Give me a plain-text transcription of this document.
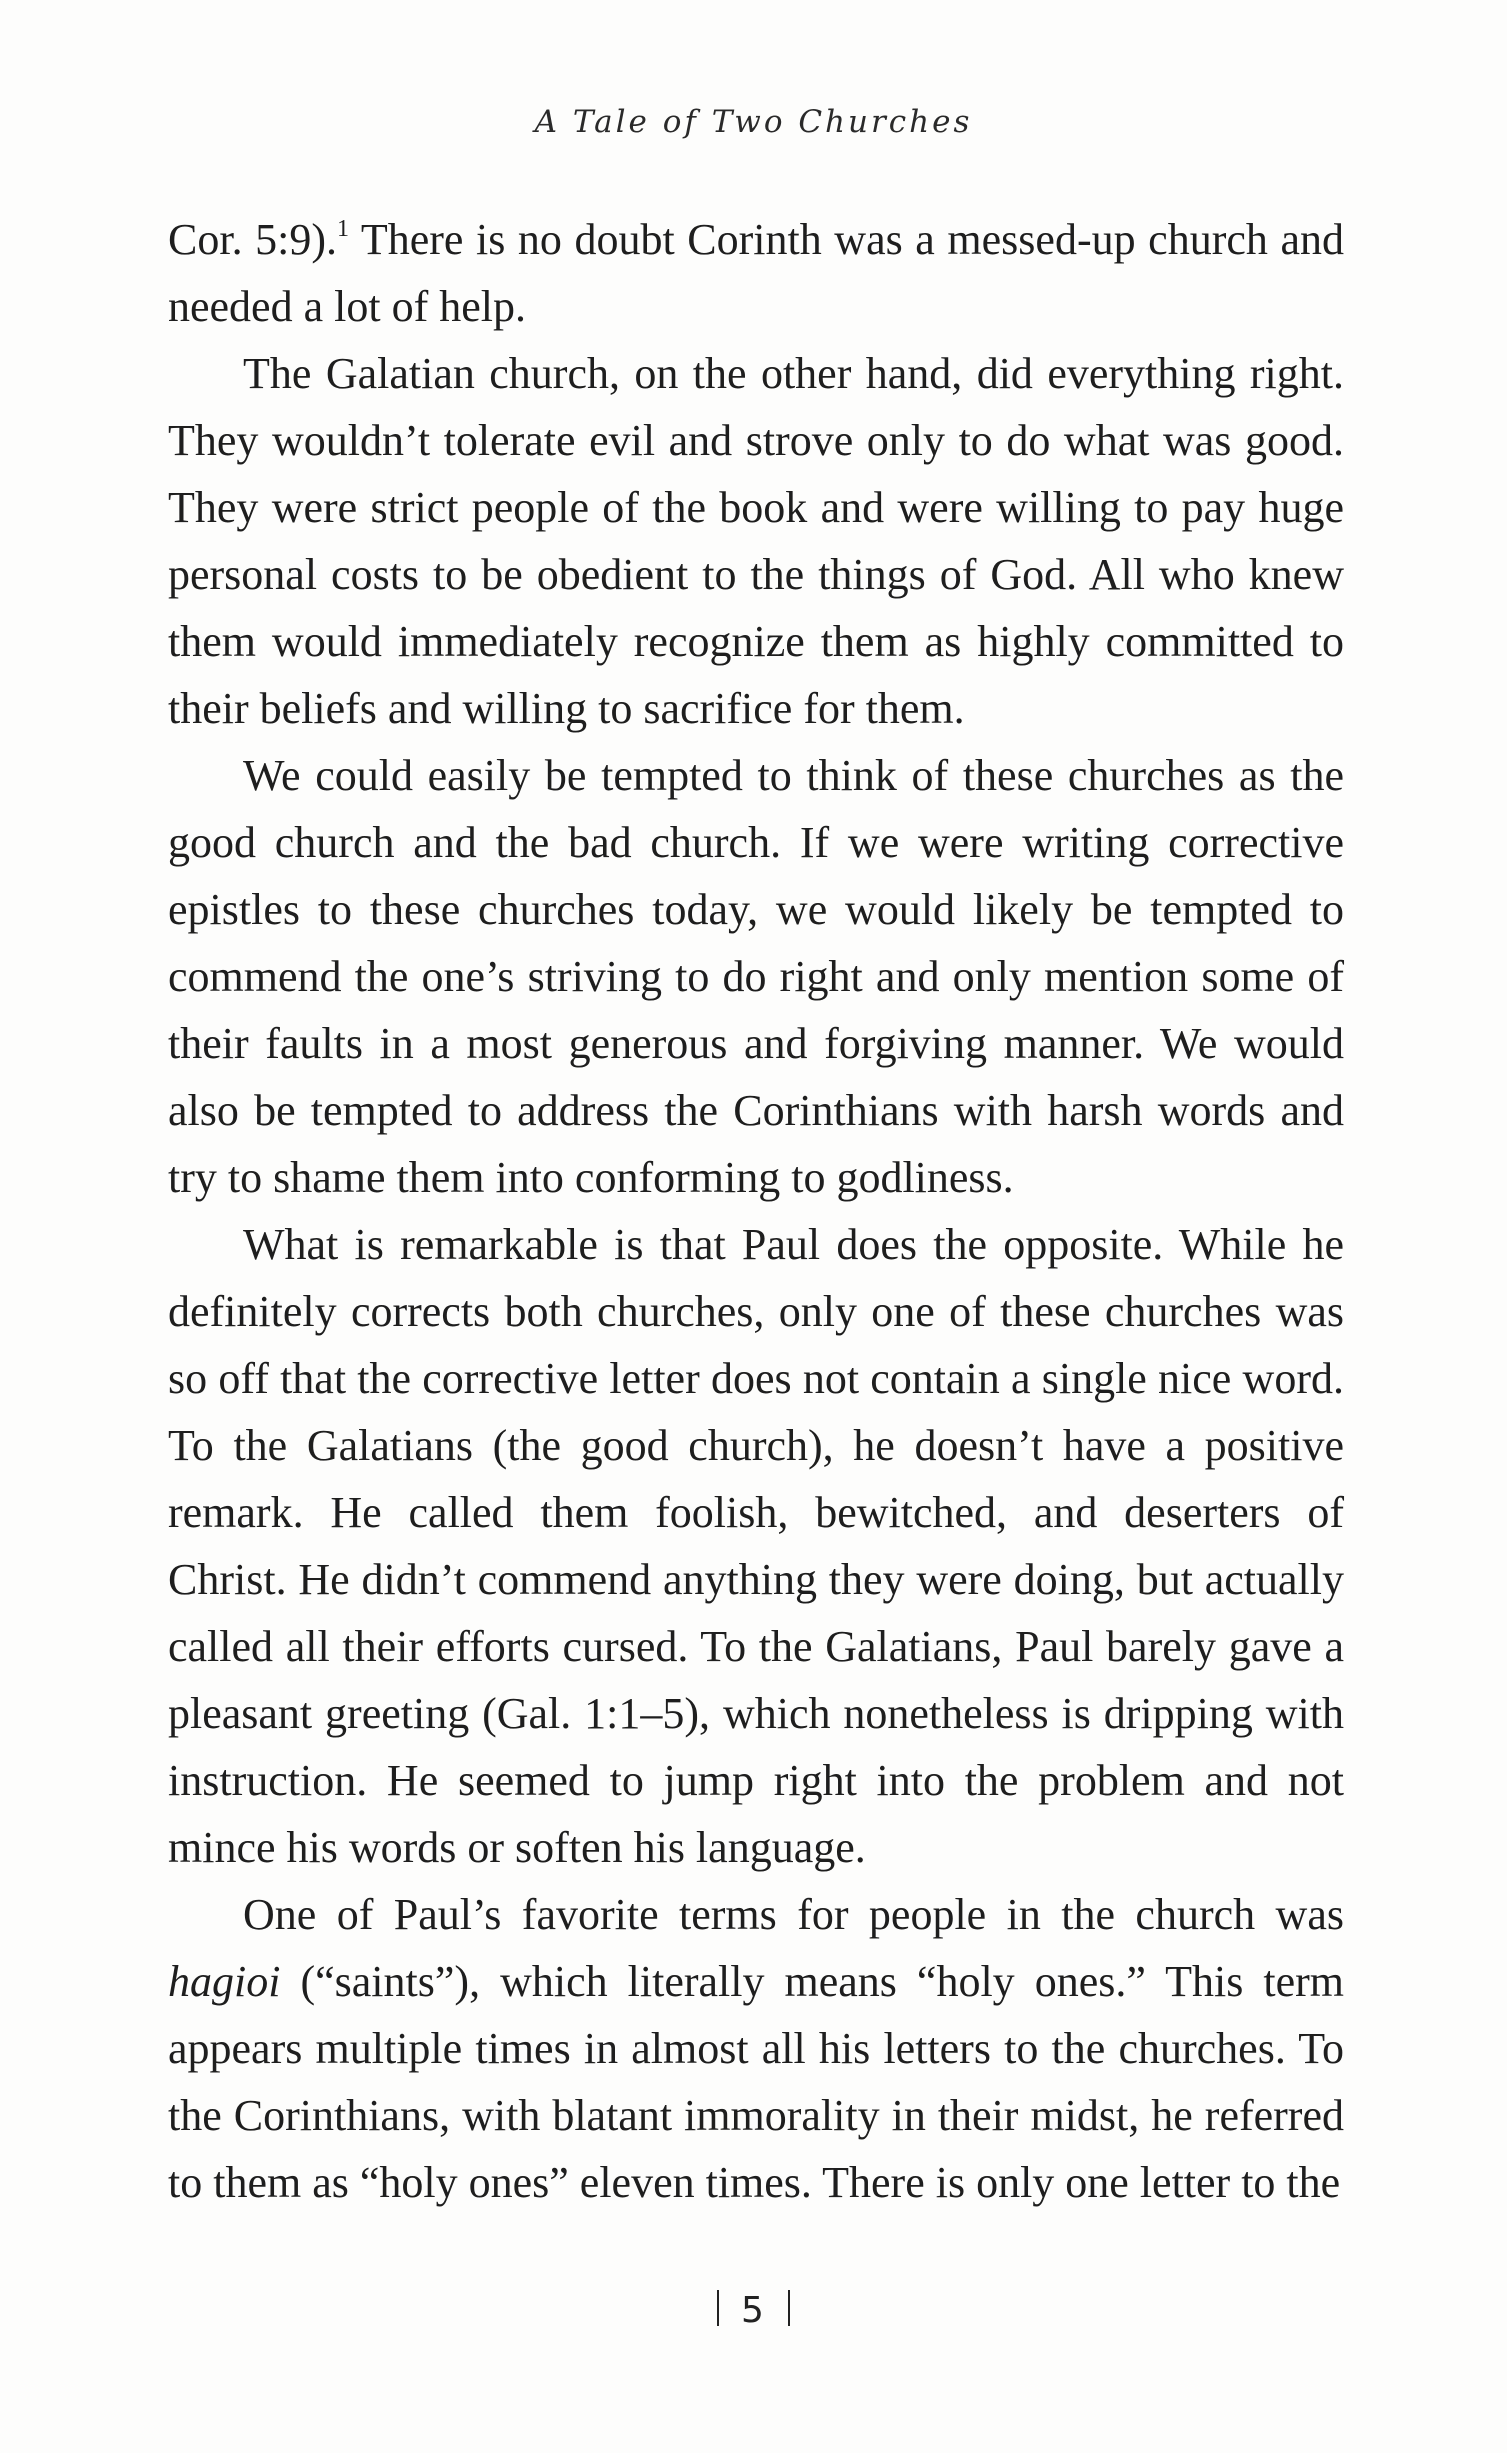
A Tale of Two Churches

Cor. 5:9).$^1$ There is no doubt Corinth was a messed-up church and needed a lot of help.

The Galatian church, on the other hand, did everything right. They wouldn’t tolerate evil and strove only to do what was good. They were strict people of the book and were willing to pay huge personal costs to be obedient to the things of God. All who knew them would immediately recognize them as highly committed to their beliefs and willing to sacrifice for them.

We could easily be tempted to think of these churches as the good church and the bad church. If we were writing corrective epistles to these churches today, we would likely be tempted to commend the one’s striving to do right and only mention some of their faults in a most generous and forgiving manner. We would also be tempted to address the Corinthians with harsh words and try to shame them into conforming to godliness.

What is remarkable is that Paul does the opposite. While he definitely corrects both churches, only one of these churches was so off that the corrective letter does not contain a single nice word. To the Galatians (the good church), he doesn’t have a positive remark. He called them foolish, bewitched, and deserters of Christ. He didn’t commend anything they were doing, but actually called all their efforts cursed. To the Galatians, Paul barely gave a pleasant greeting (Gal. 1:1–5), which nonetheless is dripping with instruction. He seemed to jump right into the problem and not mince his words or soften his language.

One of Paul’s favorite terms for people in the church was hagioi (“saints”), which literally means “holy ones.” This term appears multiple times in almost all his letters to the churches. To the Corinthians, with blatant immorality in their midst, he referred to them as “holy ones” eleven times. There is only one letter to the

5
